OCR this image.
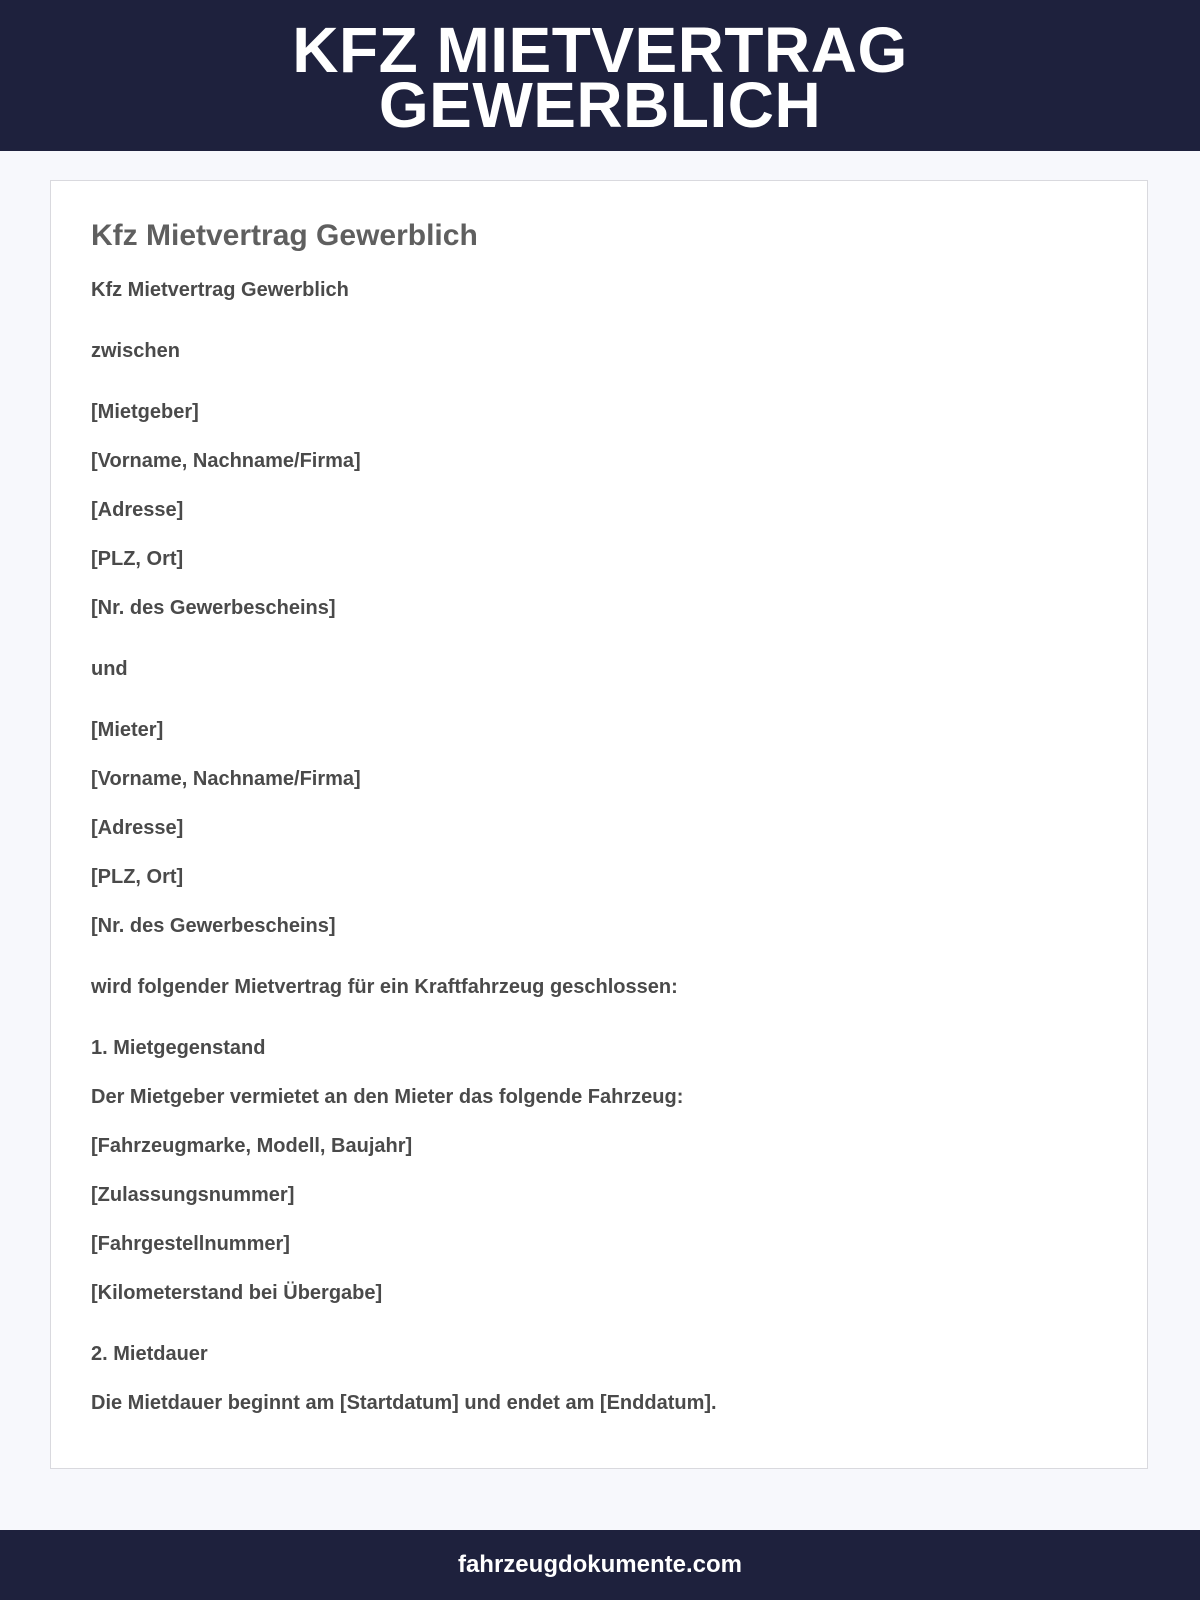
KFZ MIETVERTRAG
GEWERBLICH
Kfz Mietvertrag Gewerblich
Kfz Mietvertrag Gewerblich
zwischen
[Mietgeber]
[Vorname, Nachname/Firma]
[Adresse]
[PLZ, Ort]
[Nr. des Gewerbescheins]
und
[Mieter]
[Vorname, Nachname/Firma]
[Adresse]
[PLZ, Ort]
[Nr. des Gewerbescheins]
wird folgender Mietvertrag für ein Kraftfahrzeug geschlossen:
1. Mietgegenstand
Der Mietgeber vermietet an den Mieter das folgende Fahrzeug:
[Fahrzeugmarke, Modell, Baujahr]
[Zulassungsnummer]
[Fahrgestellnummer]
[Kilometerstand bei Übergabe]
2. Mietdauer
Die Mietdauer beginnt am [Startdatum] und endet am [Enddatum].
fahrzeugdokumente.com
